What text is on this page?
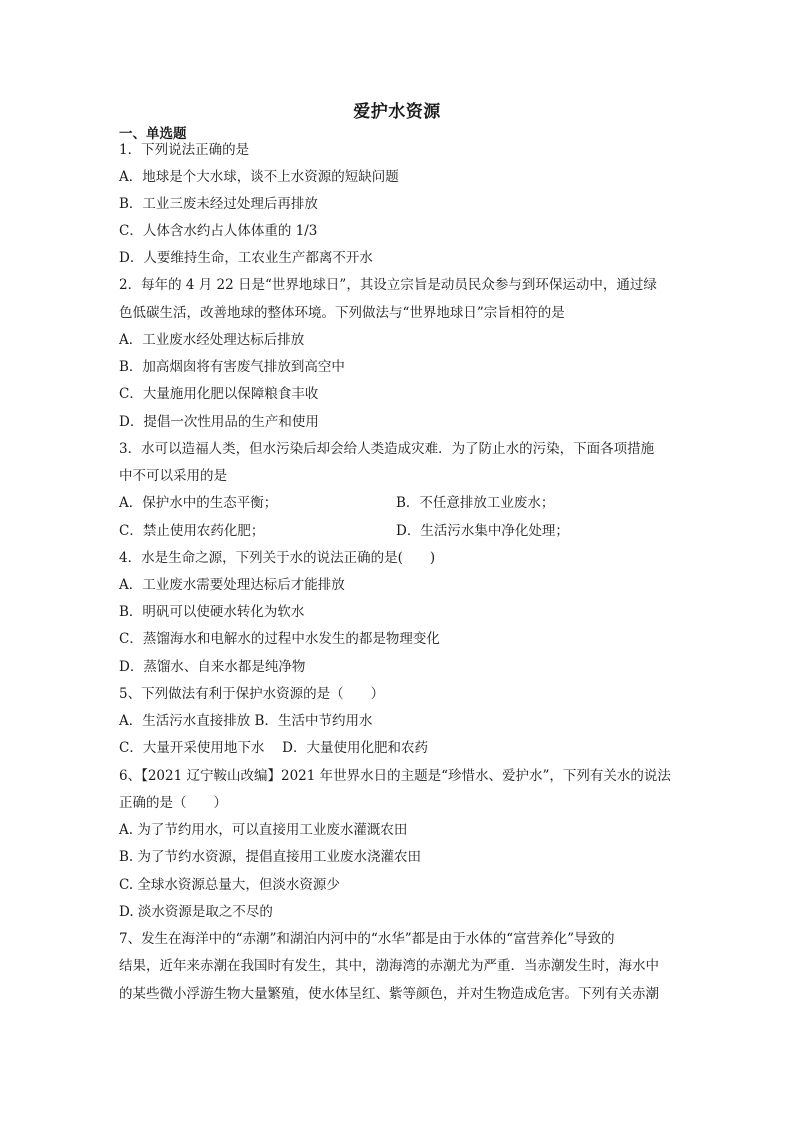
爱护水资源
一、单选题
1．下列说法正确的是
A．地球是个大水球，谈不上水资源的短缺问题
B．工业三废未经过处理后再排放
C．人体含水约占人体体重的 1/3
D．人要维持生命，工农业生产都离不开水
2．每年的 4 月 22 日是“世界地球日”，其设立宗旨是动员民众参与到环保运动中，通过绿
色低碳生活，改善地球的整体环境。下列做法与“世界地球日”宗旨相符的是
A．工业废水经处理达标后排放
B．加高烟囱将有害废气排放到高空中
C．大量施用化肥以保障粮食丰收
D．提倡一次性用品的生产和使用
3．水可以造福人类，但水污染后却会给人类造成灾难．为了防止水的污染，下面各项措施
中不可以采用的是
A．保护水中的生态平衡；	B．不任意排放工业废水；
C．禁止使用农药化肥；	D．生活污水集中净化处理；
4．水是生命之源，下列关于水的说法正确的是(　　)
A．工业废水需要处理达标后才能排放
B．明矾可以使硬水转化为软水
C．蒸馏海水和电解水的过程中水发生的都是物理变化
D．蒸馏水、自来水都是纯净物
5、下列做法有利于保护水资源的是（　　）
A．生活污水直接排放 B．生活中节约用水
C．大量开采使用地下水　 D．大量使用化肥和农药
6、【2021 辽宁鞍山改编】2021 年世界水日的主题是“珍惜水、爱护水”，下列有关水的说法
正确的是（　　）
A. 为了节约用水，可以直接用工业废水灌溉农田
B. 为了节约水资源，提倡直接用工业废水浇灌农田
C. 全球水资源总量大，但淡水资源少
D. 淡水资源是取之不尽的
7、发生在海洋中的“赤潮”和湖泊内河中的“水华”都是由于水体的“富营养化”导致的
结果，近年来赤潮在我国时有发生，其中，渤海湾的赤潮尤为严重．当赤潮发生时，海水中
的某些微小浮游生物大量繁殖，使水体呈红、紫等颜色，并对生物造成危害。下列有关赤潮
